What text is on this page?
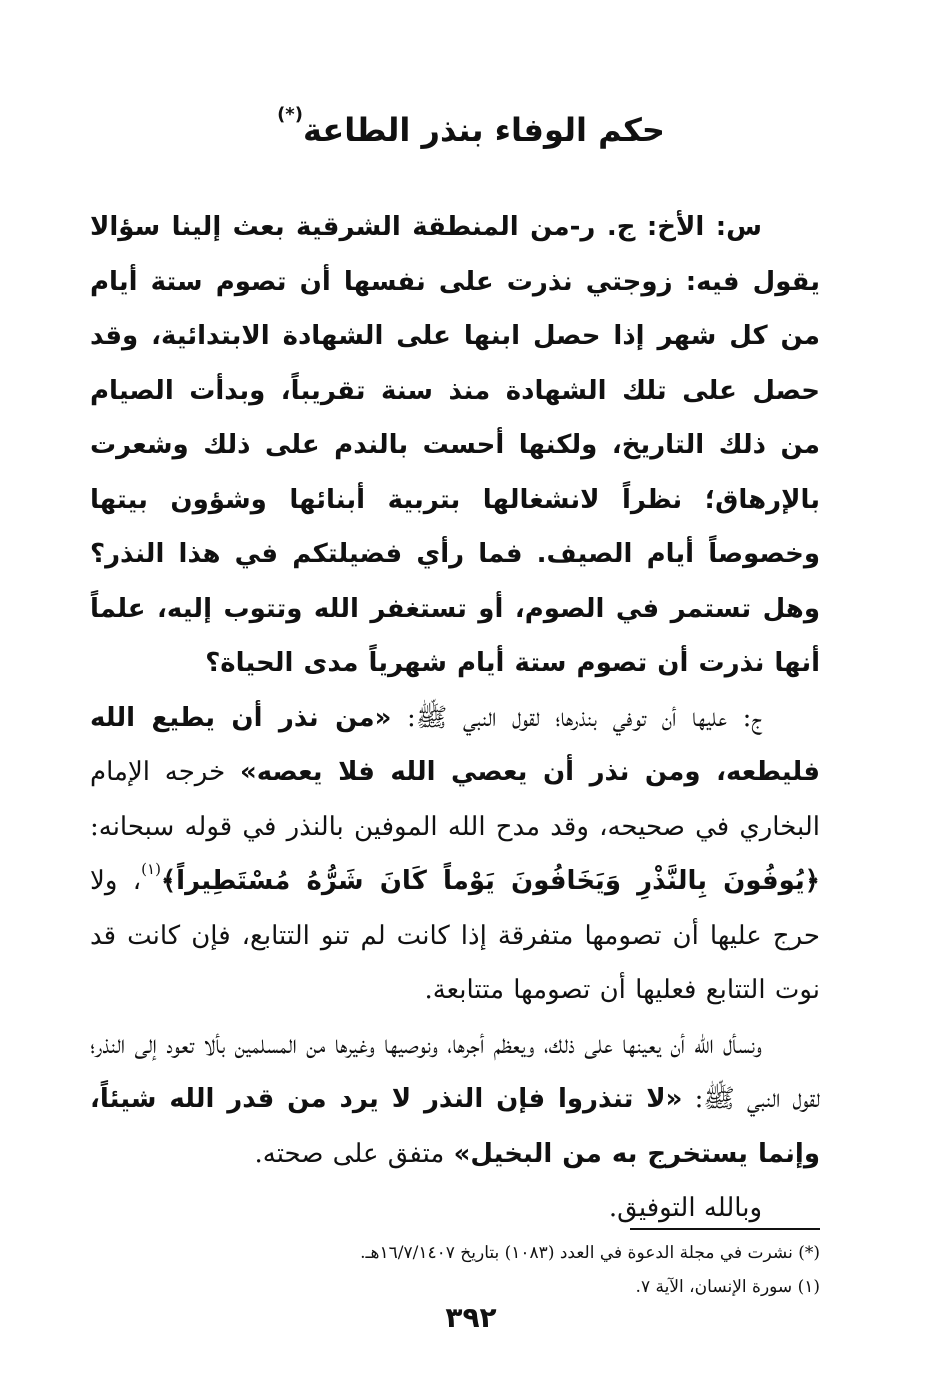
حكم الوفاء بنذر الطاعة(*)

س: الأخ: ج. ر-من المنطقة الشرقية بعث إلينا سؤالا يقول فيه: زوجتي نذرت على نفسها أن تصوم ستة أيام من كل شهر إذا حصل ابنها على الشهادة الابتدائية، وقد حصل على تلك الشهادة منذ سنة تقريباً، وبدأت الصيام من ذلك التاريخ، ولكنها أحست بالندم على ذلك وشعرت بالإرهاق؛ نظراً لانشغالها بتربية أبنائها وشؤون بيتها وخصوصاً أيام الصيف. فما رأي فضيلتكم في هذا النذر؟ وهل تستمر في الصوم، أو تستغفر الله وتتوب إليه، علماً أنها نذرت أن تصوم ستة أيام شهرياً مدى الحياة؟

ج: عليها أن توفي بنذرها؛ لقول النبي ﷺ: «من نذر أن يطيع الله فليطعه، ومن نذر أن يعصي الله فلا يعصه» خرجه الإمام البخاري في صحيحه، وقد مدح الله الموفين بالنذر في قوله سبحانه: ﴿يُوفُونَ بِالنَّذْرِ وَيَخَافُونَ يَوْماً كَانَ شَرُّهُ مُسْتَطِيراً﴾$^{(١)}$، ولا حرج عليها أن تصومها متفرقة إذا كانت لم تنو التتابع، فإن كانت قد نوت التتابع فعليها أن تصومها متتابعة.

ونسأل الله أن يعينها على ذلك، ويعظم أجرها، ونوصيها وغيرها من المسلمين بألا تعود إلى النذر؛ لقول النبي ﷺ: «لا تنذروا فإن النذر لا يرد من قدر الله شيئاً، وإنما يستخرج به من البخيل» متفق على صحته.

وبالله التوفيق.

(*) نشرت في مجلة الدعوة في العدد (١٠٨٣) بتاريخ ١٦/٧/١٤٠٧هـ.

(١) سورة الإنسان، الآية ٧.

٣٩٢
